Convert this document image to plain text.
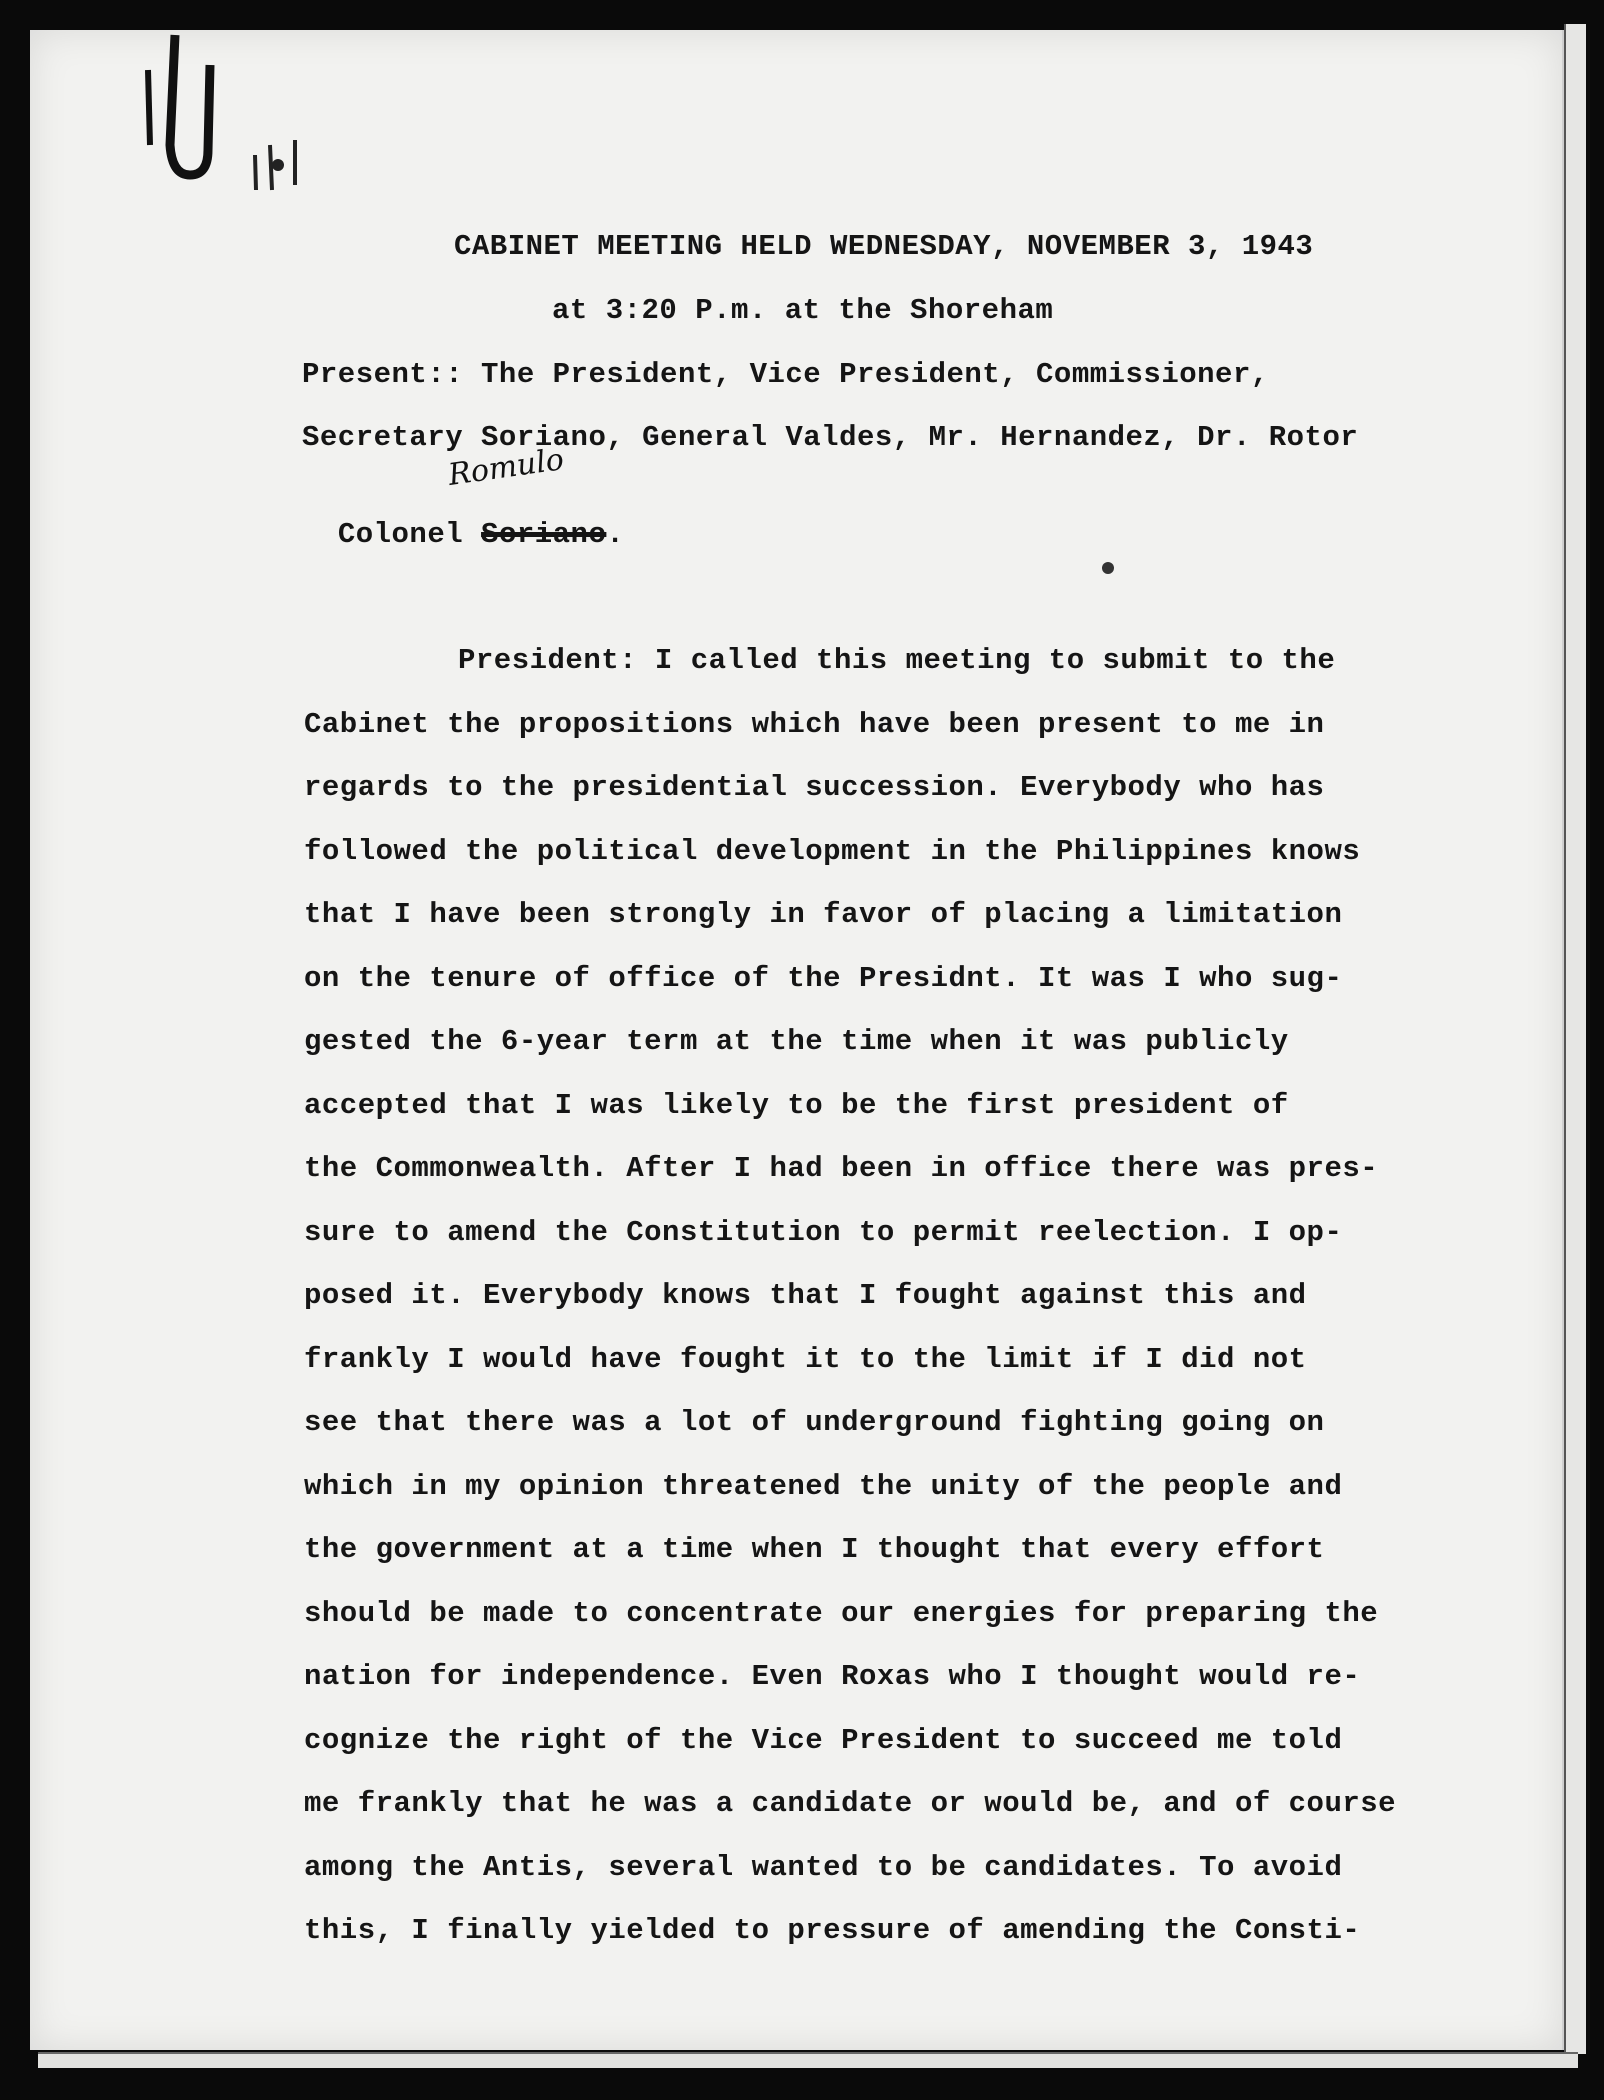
CABINET MEETING HELD WEDNESDAY, NOVEMBER 3, 1943
at 3:20 P.m. at the Shoreham
Present:: The President, Vice President, Commissioner,
Secretary Soriano, General Valdes, Mr. Hernandez, Dr. Rotor

Colonel Soriano.

Romulo
President: I called this meeting to submit to the
Cabinet the propositions which have been present to me in
regards to the presidential succession. Everybody who has
followed the political development in the Philippines knows
that I have been strongly in favor of placing a limitation
on the tenure of office of the Presidnt. It was I who sug-
gested the 6-year term at the time when it was publicly
accepted that I was likely to be the first president of
the Commonwealth. After I had been in office there was pres-
sure to amend the Constitution to permit reelection. I op-
posed it. Everybody knows that I fought against this and
frankly I would have fought it to the limit if I did not
see that there was a lot of underground fighting going on
which in my opinion threatened the unity of the people and
the government at a time when I thought that every effort
should be made to concentrate our energies for preparing the
nation for independence. Even Roxas who I thought would re-
cognize the right of the Vice President to succeed me told
me frankly that he was a candidate or would be, and of course
among the Antis, several wanted to be candidates. To avoid
this, I finally yielded to pressure of amending the Consti-
